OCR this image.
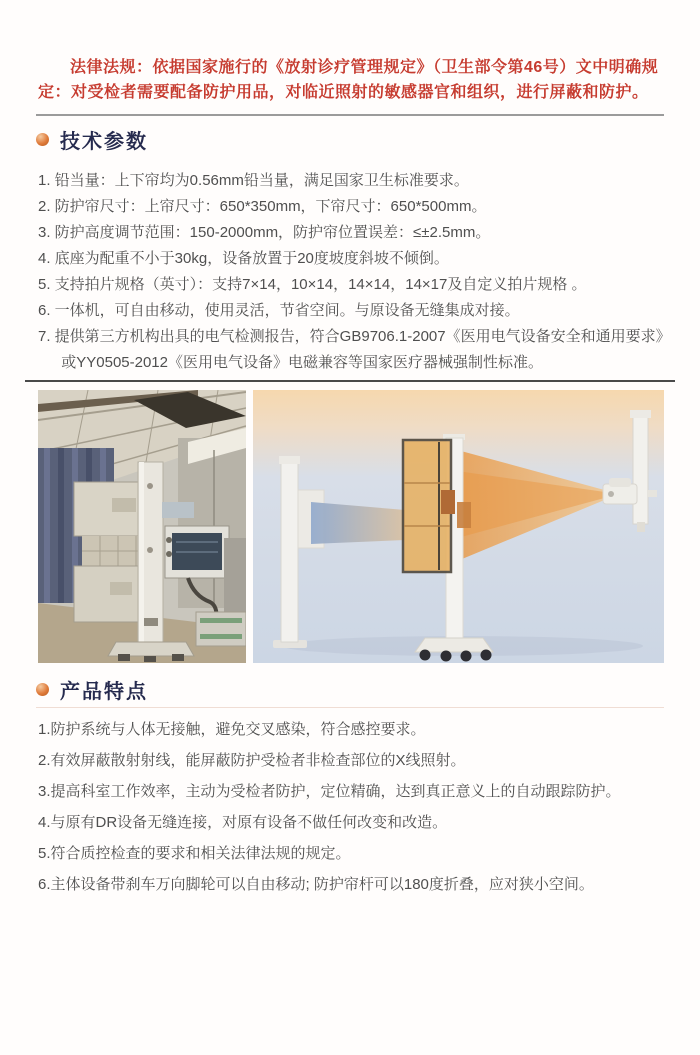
法律法规：依据国家施行的《放射诊疗管理规定》（卫生部令第46号）文中明确规定：对受检者需要配备防护用品，对临近照射的敏感器官和组织，进行屏蔽和防护。

技术参数
1. 铅当量：上下帘均为0.56mm铅当量，满足国家卫生标准要求。
2. 防护帘尺寸：上帘尺寸：650*350mm，下帘尺寸：650*500mm。
3. 防护高度调节范围：150-2000mm，防护帘位置误差：≤±2.5mm。
4. 底座为配重不小于30kg，设备放置于20度坡度斜坡不倾倒。
5. 支持拍片规格（英寸）：支持7×14，10×14，14×14，14×17及自定义拍片规格 。
6. 一体机，可自由移动，使用灵活，节省空间。与原设备无缝集成对接。
7. 提供第三方机构出具的电气检测报告，符合GB9706.1-2007《医用电气设备安全和通用要求》或YY0505-2012《医用电气设备》电磁兼容等国家医疗器械强制性标准。
产品特点
1.防护系统与人体无接触，避免交叉感染，符合感控要求。
2.有效屏蔽散射射线，能屏蔽防护受检者非检查部位的X线照射。
3.提高科室工作效率，主动为受检者防护，定位精确，达到真正意义上的自动跟踪防护。
4.与原有DR设备无缝连接，对原有设备不做任何改变和改造。
5.符合质控检查的要求和相关法律法规的规定。
6.主体设备带刹车万向脚轮可以自由移动; 防护帘杆可以180度折叠，应对狭小空间。
